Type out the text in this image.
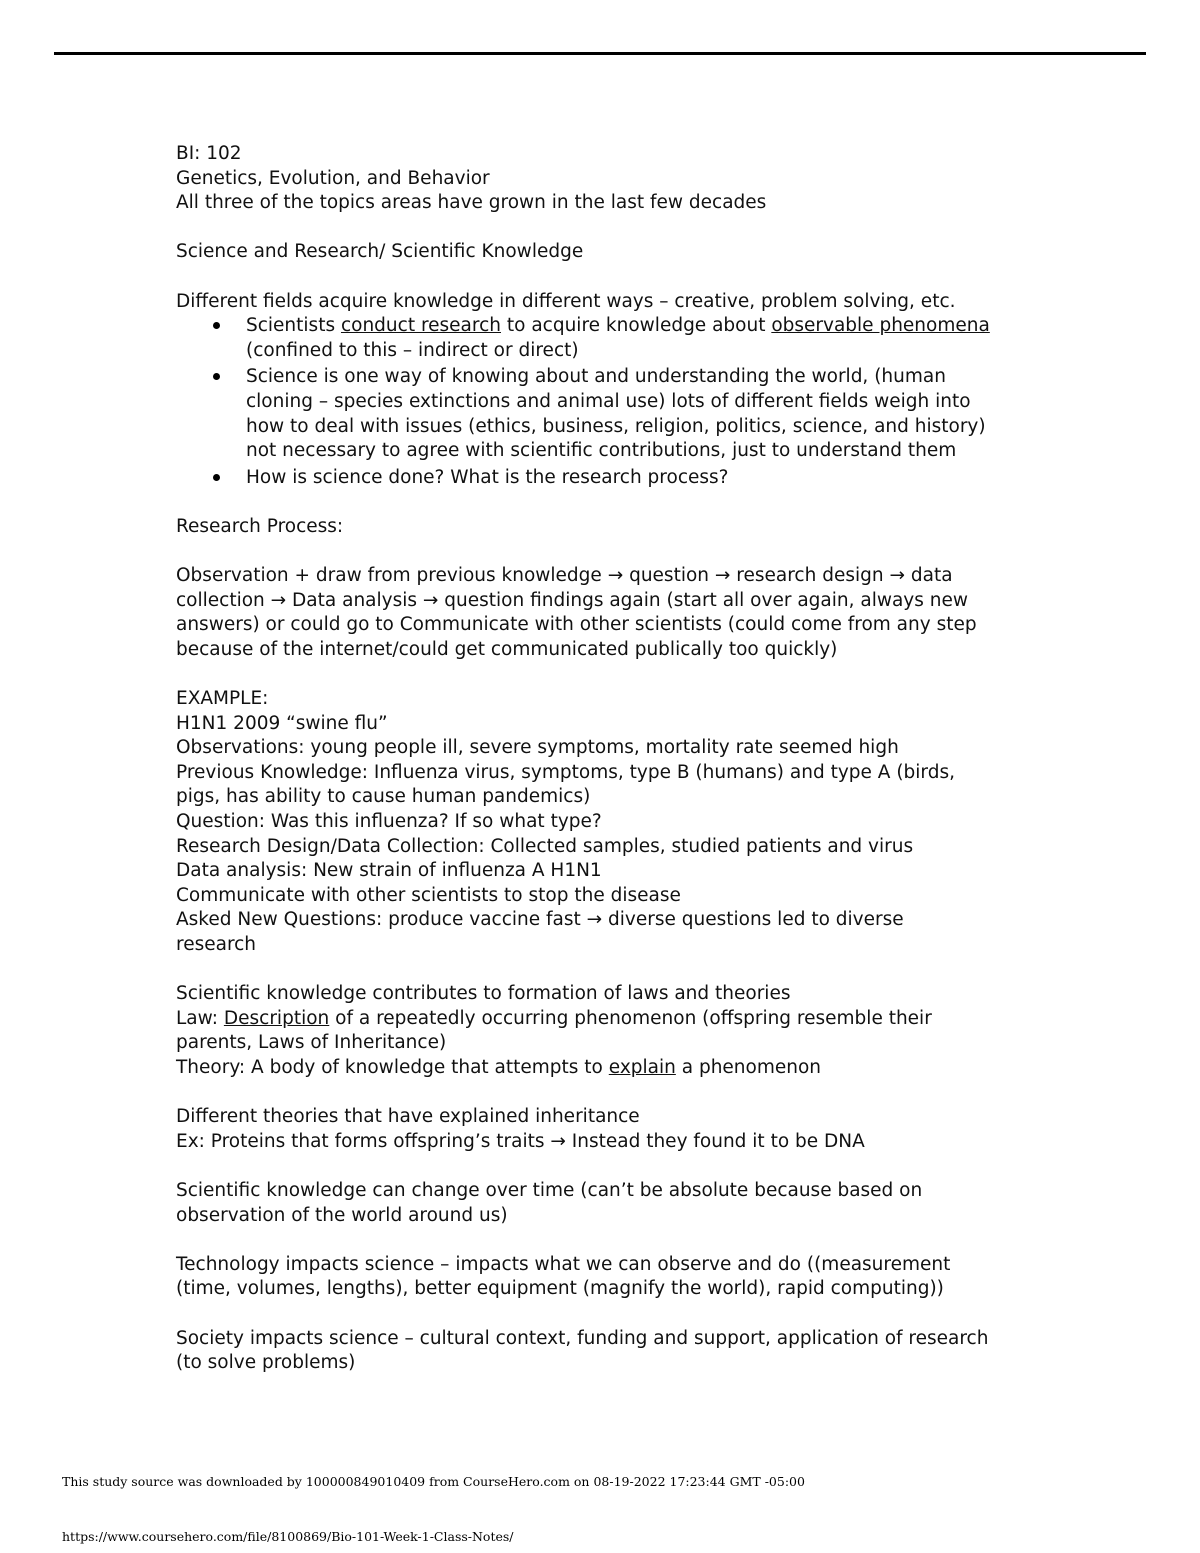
BI: 102

Genetics, Evolution, and Behavior

All three of the topics areas have grown in the last few decades

Science and Research/ Scientific Knowledge

Different fields acquire knowledge in different ways – creative, problem solving, etc.

Scientists conduct research to acquire knowledge about observable phenomena
(confined to this – indirect or direct)
Science is one way of knowing about and understanding the world, (human
cloning – species extinctions and animal use) lots of different fields weigh into
how to deal with issues (ethics, business, religion, politics, science, and history)
not necessary to agree with scientific contributions, just to understand them
How is science done? What is the research process?

Research Process:

Observation + draw from previous knowledge → question → research design → data
collection → Data analysis → question findings again (start all over again, always new
answers) or could go to Communicate with other scientists (could come from any step
because of the internet/could get communicated publically too quickly)

EXAMPLE:

H1N1 2009 “swine flu”

Observations: young people ill, severe symptoms, mortality rate seemed high

Previous Knowledge: Influenza virus, symptoms, type B (humans) and type A (birds,
pigs, has ability to cause human pandemics)

Question: Was this influenza? If so what type?

Research Design/Data Collection: Collected samples, studied patients and virus

Data analysis: New strain of influenza A H1N1

Communicate with other scientists to stop the disease

Asked New Questions: produce vaccine fast → diverse questions led to diverse
research

Scientific knowledge contributes to formation of laws and theories

Law: Description of a repeatedly occurring phenomenon (offspring resemble their
parents, Laws of Inheritance)

Theory: A body of knowledge that attempts to explain a phenomenon

Different theories that have explained inheritance

Ex: Proteins that forms offspring’s traits → Instead they found it to be DNA

Scientific knowledge can change over time (can’t be absolute because based on
observation of the world around us)

Technology impacts science – impacts what we can observe and do ((measurement
(time, volumes, lengths), better equipment (magnify the world), rapid computing))

Society impacts science – cultural context, funding and support, application of research
(to solve problems)

This study source was downloaded by 100000849010409 from CourseHero.com on 08-19-2022 17:23:44 GMT -05:00
https://www.coursehero.com/file/8100869/Bio-101-Week-1-Class-Notes/
